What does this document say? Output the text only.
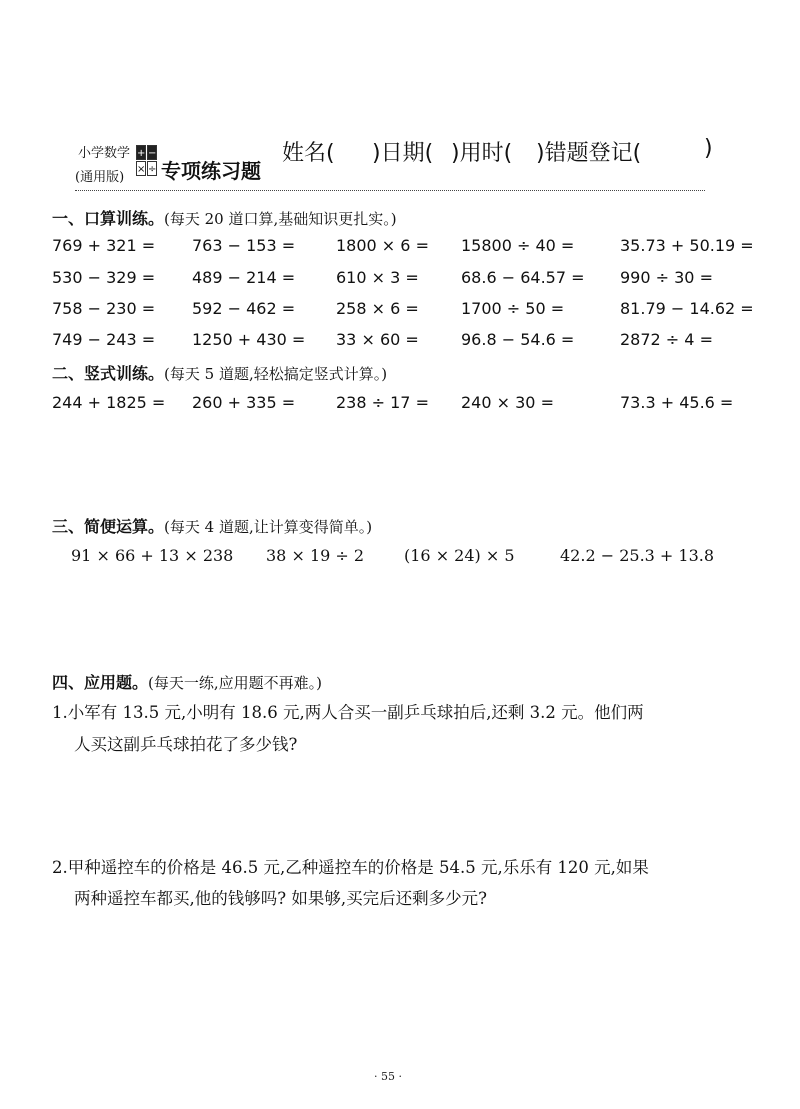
小学数学
(通用版)
+ −
× ÷ 专项练习题
姓名( )日期( )用时( )错题登记(	)
一、口算训练。(每天 20 道口算,基础知识更扎实。)
769 + 321 = 763 − 153 =	1800 × 6 = 15800 ÷ 40 =	35.73 + 50.19 =
530 − 329 = 489 − 214 =	610 × 3 =	68.6 − 64.57 = 990 ÷ 30 =
758 − 230 = 592 − 462 =	258 × 6 =	1700 ÷ 50 =	81.79 − 14.62 =
749 − 243 = 1250 + 430 = 33 × 60 =	96.8 − 54.6 =	2872 ÷ 4 =
二、竖式训练。(每天 5 道题,轻松搞定竖式计算。)
244 + 1825 = 260 + 335 =	238 ÷ 17 = 240 × 30 =	73.3 + 45.6 =
三、简便运算。(每天 4 道题,让计算变得简单。)
91 × 66 + 13 × 238 38 × 19 ÷ 2 (16 × 24) × 5	42.2 − 25.3 + 13.8
四、应用题。(每天一练,应用题不再难。)
1.小军有 13.5 元,小明有 18.6 元,两人合买一副乒乓球拍后,还剩 3.2 元。他们两
人买这副乒乓球拍花了多少钱?
2.甲种遥控车的价格是 46.5 元,乙种遥控车的价格是 54.5 元,乐乐有 120 元,如果
两种遥控车都买,他的钱够吗? 如果够,买完后还剩多少元?
· 55 ·
